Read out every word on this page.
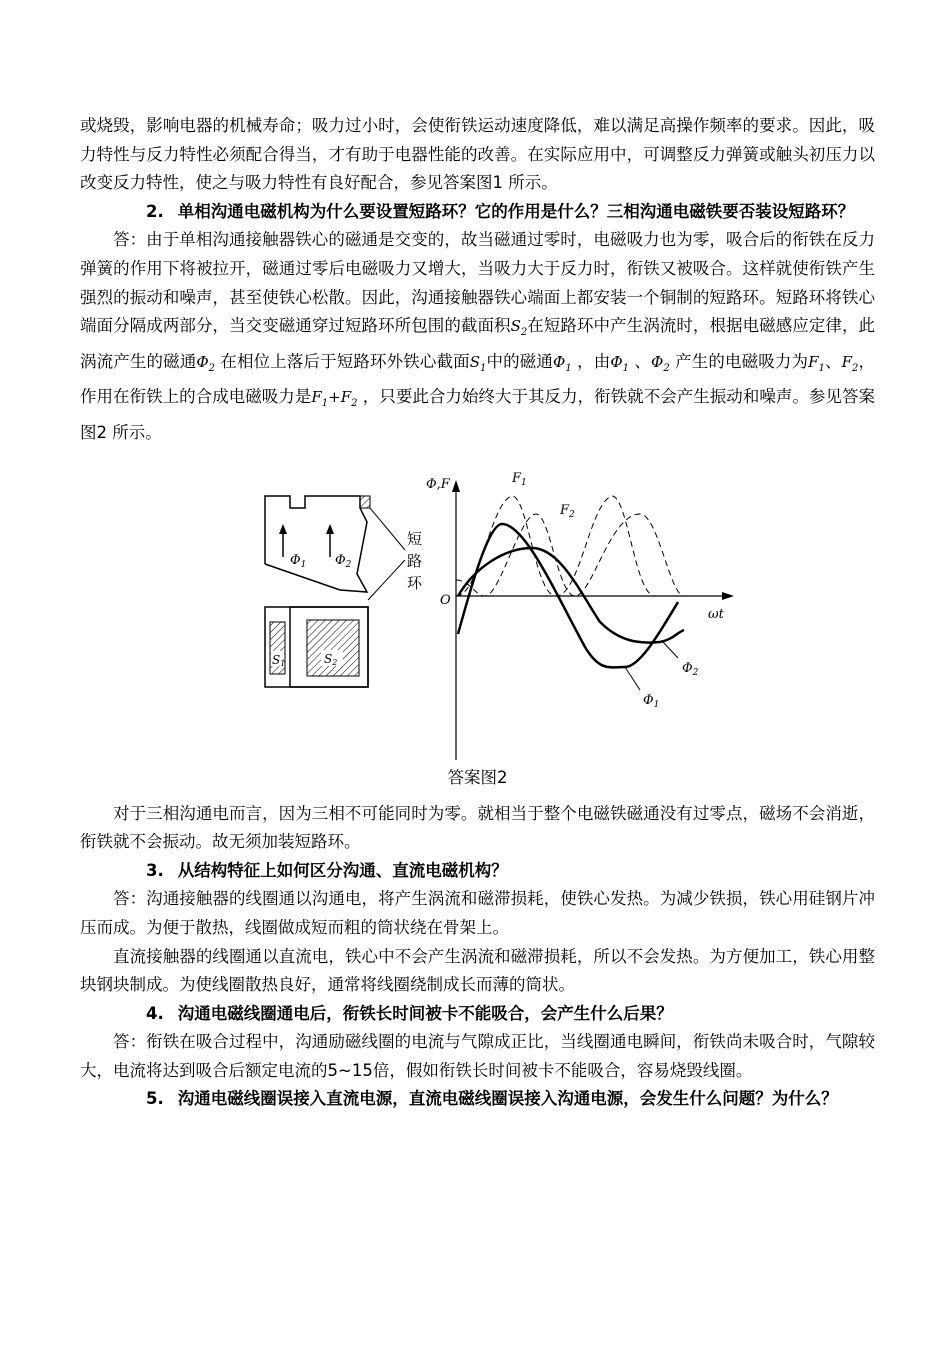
或烧毁，影响电器的机械寿命；吸力过小时，会使衔铁运动速度降低，难以满足高操作频率的要求。因此，吸力特性与反力特性必须配合得当，才有助于电器性能的改善。在实际应用中，可调整反力弹簧或触头初压力以改变反力特性，使之与吸力特性有良好配合，参见答案图1 所示。

2. 单相沟通电磁机构为什么要设置短路环？它的作用是什么？三相沟通电磁铁要否装设短路环？

答：由于单相沟通接触器铁心的磁通是交变的，故当磁通过零时，电磁吸力也为零，吸合后的衔铁在反力弹簧的作用下将被拉开，磁通过零后电磁吸力又增大，当吸力大于反力时，衔铁又被吸合。这样就使衔铁产生强烈的振动和噪声，甚至使铁心松散。因此，沟通接触器铁心端面上都安装一个铜制的短路环。短路环将铁心端面分隔成两部分，当交变磁通穿过短路环所包围的截面积$S_2$在短路环中产生涡流时，根据电磁感应定律，此涡流产生的磁通$\Phi_2$ 在相位上落后于短路环外铁心截面$S_1$中的磁通$\Phi_1$ ，由$\Phi_1$ 、$\Phi_2$ 产生的电磁吸力为$F_1$、$F_2$，作用在衔铁上的合成电磁吸力是$F_1+F_2$ ，只要此合力始终大于其反力，衔铁就不会产生振动和噪声。参见答案图2 所示。

$\Phi_1$ $\Phi_2$
短 路 环
S1	S2
Φ,F
O
ωt
$F_1$
$F_2$
$\Phi_1$
$\Phi_2$
答案图2

对于三相沟通电而言，因为三相不可能同时为零。就相当于整个电磁铁磁通没有过零点，磁场不会消逝，衔铁就不会振动。故无须加装短路环。

3. 从结构特征上如何区分沟通、直流电磁机构？

答：沟通接触器的线圈通以沟通电，将产生涡流和磁滞损耗，使铁心发热。为减少铁损，铁心用硅钢片冲压而成。为便于散热，线圈做成短而粗的筒状绕在骨架上。

直流接触器的线圈通以直流电，铁心中不会产生涡流和磁滞损耗，所以不会发热。为方便加工，铁心用整块钢块制成。为使线圈散热良好，通常将线圈绕制成长而薄的筒状。

4. 沟通电磁线圈通电后，衔铁长时间被卡不能吸合，会产生什么后果？

答：衔铁在吸合过程中，沟通励磁线圈的电流与气隙成正比，当线圈通电瞬间，衔铁尚未吸合时，气隙较大，电流将达到吸合后额定电流的5~15倍，假如衔铁长时间被卡不能吸合，容易烧毁线圈。

5. 沟通电磁线圈误接入直流电源，直流电磁线圈误接入沟通电源，会发生什么问题？为什么？
